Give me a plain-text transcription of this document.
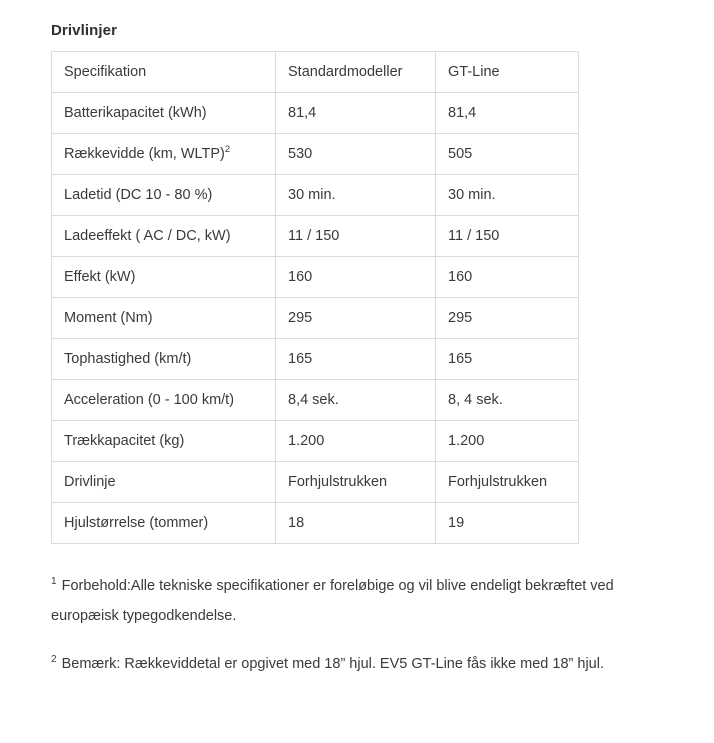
Drivlinjer
Specifikation	Standardmodeller	GT-Line
Batterikapacitet (kWh)	81,4	81,4
Rækkevidde (km, WLTP)$^2$	530	505
Ladetid (DC 10 - 80 %)	30 min.	30 min.
Ladeeffekt ( AC / DC, kW)	11 / 150	11 / 150
Effekt (kW)	160	160
Moment (Nm)	295	295
Tophastighed (km/t)	165	165
Acceleration (0 - 100 km/t)	8,4 sek.	8, 4 sek.
Trækkapacitet (kg)	1.200	1.200
Drivlinje	Forhjulstrukken	Forhjulstrukken
Hjulstørrelse (tommer)	18	19

$^1$ Forbehold:Alle tekniske specifikationer er foreløbige og vil blive endeligt bekræftet ved europæisk typegodkendelse.

$^2$ Bemærk: Rækkeviddetal er opgivet med 18” hjul. EV5 GT-Line fås ikke med 18” hjul.
